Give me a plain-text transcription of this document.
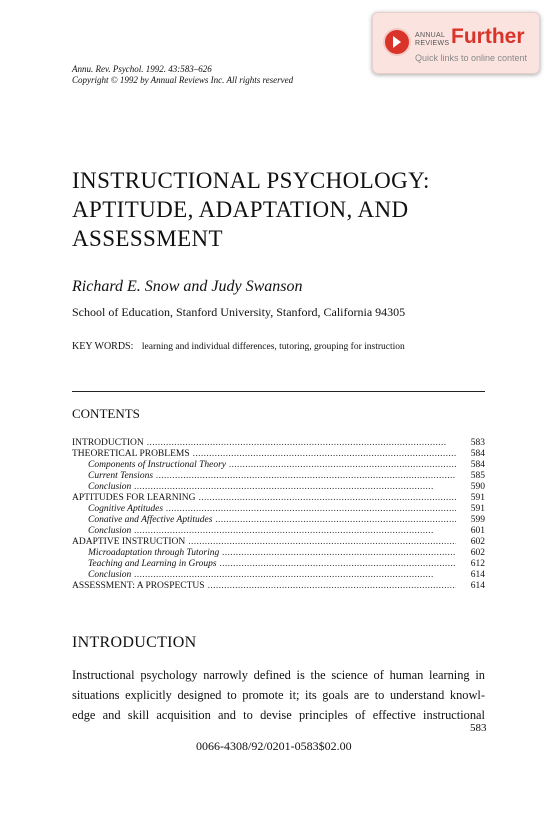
ANNUAL
REVIEWS Further
Quick links to online content
Annu. Rev. Psychol. 1992. 43:583–626
Copyright © 1992 by Annual Reviews Inc. All rights reserved
INSTRUCTIONAL PSYCHOLOGY:
APTITUDE, ADAPTATION, AND
ASSESSMENT
Richard E. Snow and Judy Swanson
School of Education, Stanford University, Stanford, California 94305
KEY WORDS: learning and individual differences, tutoring, grouping for instruction
CONTENTS
INTRODUCTION . . .	583
THEORETICAL PROBLEMS . . .	584
Components of Instructional Theory . . .	584
Current Tensions . . .	585
Conclusion . . .	590
APTITUDES FOR LEARNING . . .	591
Cognitive Aptitudes . . .	591
Conative and Affective Aptitudes . . .	599
Conclusion . . .	601
ADAPTIVE INSTRUCTION . . .	602
Microadaptation through Tutoring . . .	602
Teaching and Learning in Groups . . .	612
Conclusion . . .	614
ASSESSMENT: A PROSPECTUS . . .	614
INTRODUCTION
Instructional psychology narrowly defined is the science of human learning in
situations explicitly designed to promote it; its goals are to understand knowl-
edge and skill acquisition and to devise principles of effective instructional
583
0066-4308/92/0201-0583$02.00
